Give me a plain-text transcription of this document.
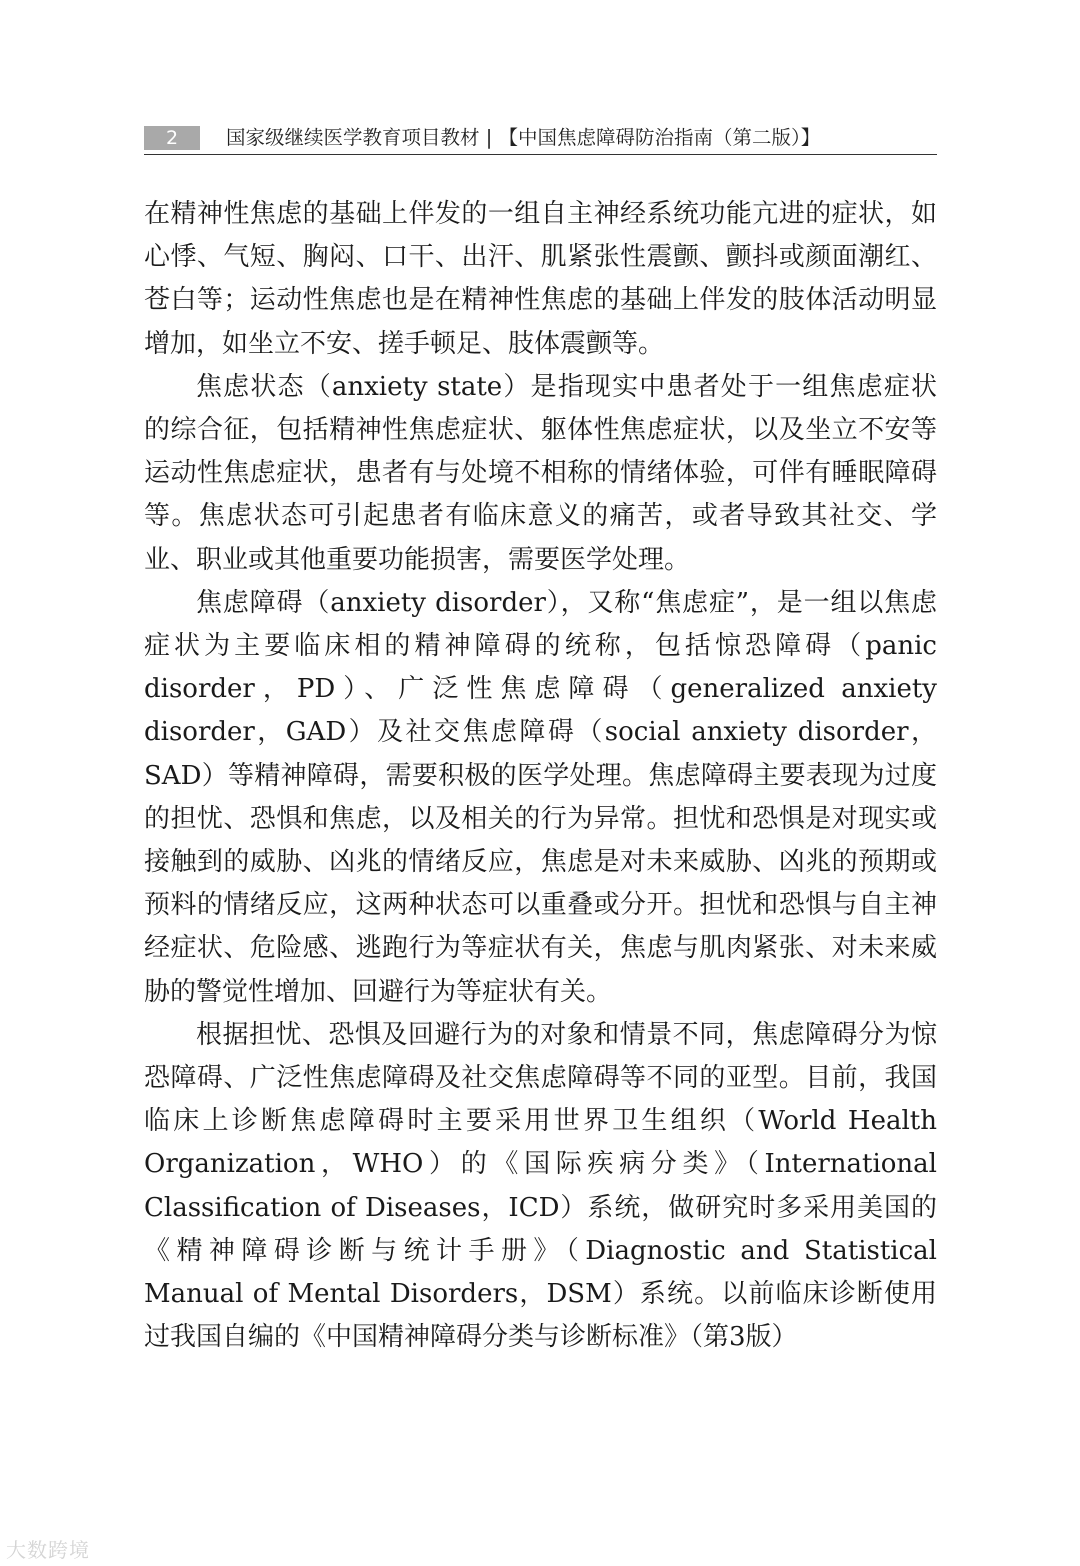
2	国家级继续医学教育项目教材 | 【中国焦虑障碍防治指南（第二版）】

在精神性焦虑的基础上伴发的一组自主神经系统功能亢进的症状，如心悸、气短、胸闷、口干、出汗、肌紧张性震颤、颤抖或颜面潮红、苍白等；运动性焦虑也是在精神性焦虑的基础上伴发的肢体活动明显增加，如坐立不安、搓手顿足、肢体震颤等。

焦虑状态（anxiety state）是指现实中患者处于一组焦虑症状的综合征，包括精神性焦虑症状、躯体性焦虑症状，以及坐立不安等运动性焦虑症状，患者有与处境不相称的情绪体验，可伴有睡眠障碍等。焦虑状态可引起患者有临床意义的痛苦，或者导致其社交、学业、职业或其他重要功能损害，需要医学处理。

焦虑障碍（anxiety disorder），又称“焦虑症”，是一组以焦虑症状为主要临床相的精神障碍的统称，包括惊恐障碍（panic disorder，PD）、广泛性焦虑障碍（generalized anxiety disorder，GAD）及社交焦虑障碍（social anxiety disorder，SAD）等精神障碍，需要积极的医学处理。焦虑障碍主要表现为过度的担忧、恐惧和焦虑，以及相关的行为异常。担忧和恐惧是对现实或接触到的威胁、凶兆的情绪反应，焦虑是对未来威胁、凶兆的预期或预料的情绪反应，这两种状态可以重叠或分开。担忧和恐惧与自主神经症状、危险感、逃跑行为等症状有关，焦虑与肌肉紧张、对未来威胁的警觉性增加、回避行为等症状有关。

根据担忧、恐惧及回避行为的对象和情景不同，焦虑障碍分为惊恐障碍、广泛性焦虑障碍及社交焦虑障碍等不同的亚型。目前，我国临床上诊断焦虑障碍时主要采用世界卫生组织（World Health Organization，WHO）的《国际疾病分类》（International Classification of Diseases，ICD）系统，做研究时多采用美国的《精神障碍诊断与统计手册》（Diagnostic and Statistical Manual of Mental Disorders，DSM）系统。以前临床诊断使用过我国自编的《中国精神障碍分类与诊断标准》（第3版）

大数跨境
